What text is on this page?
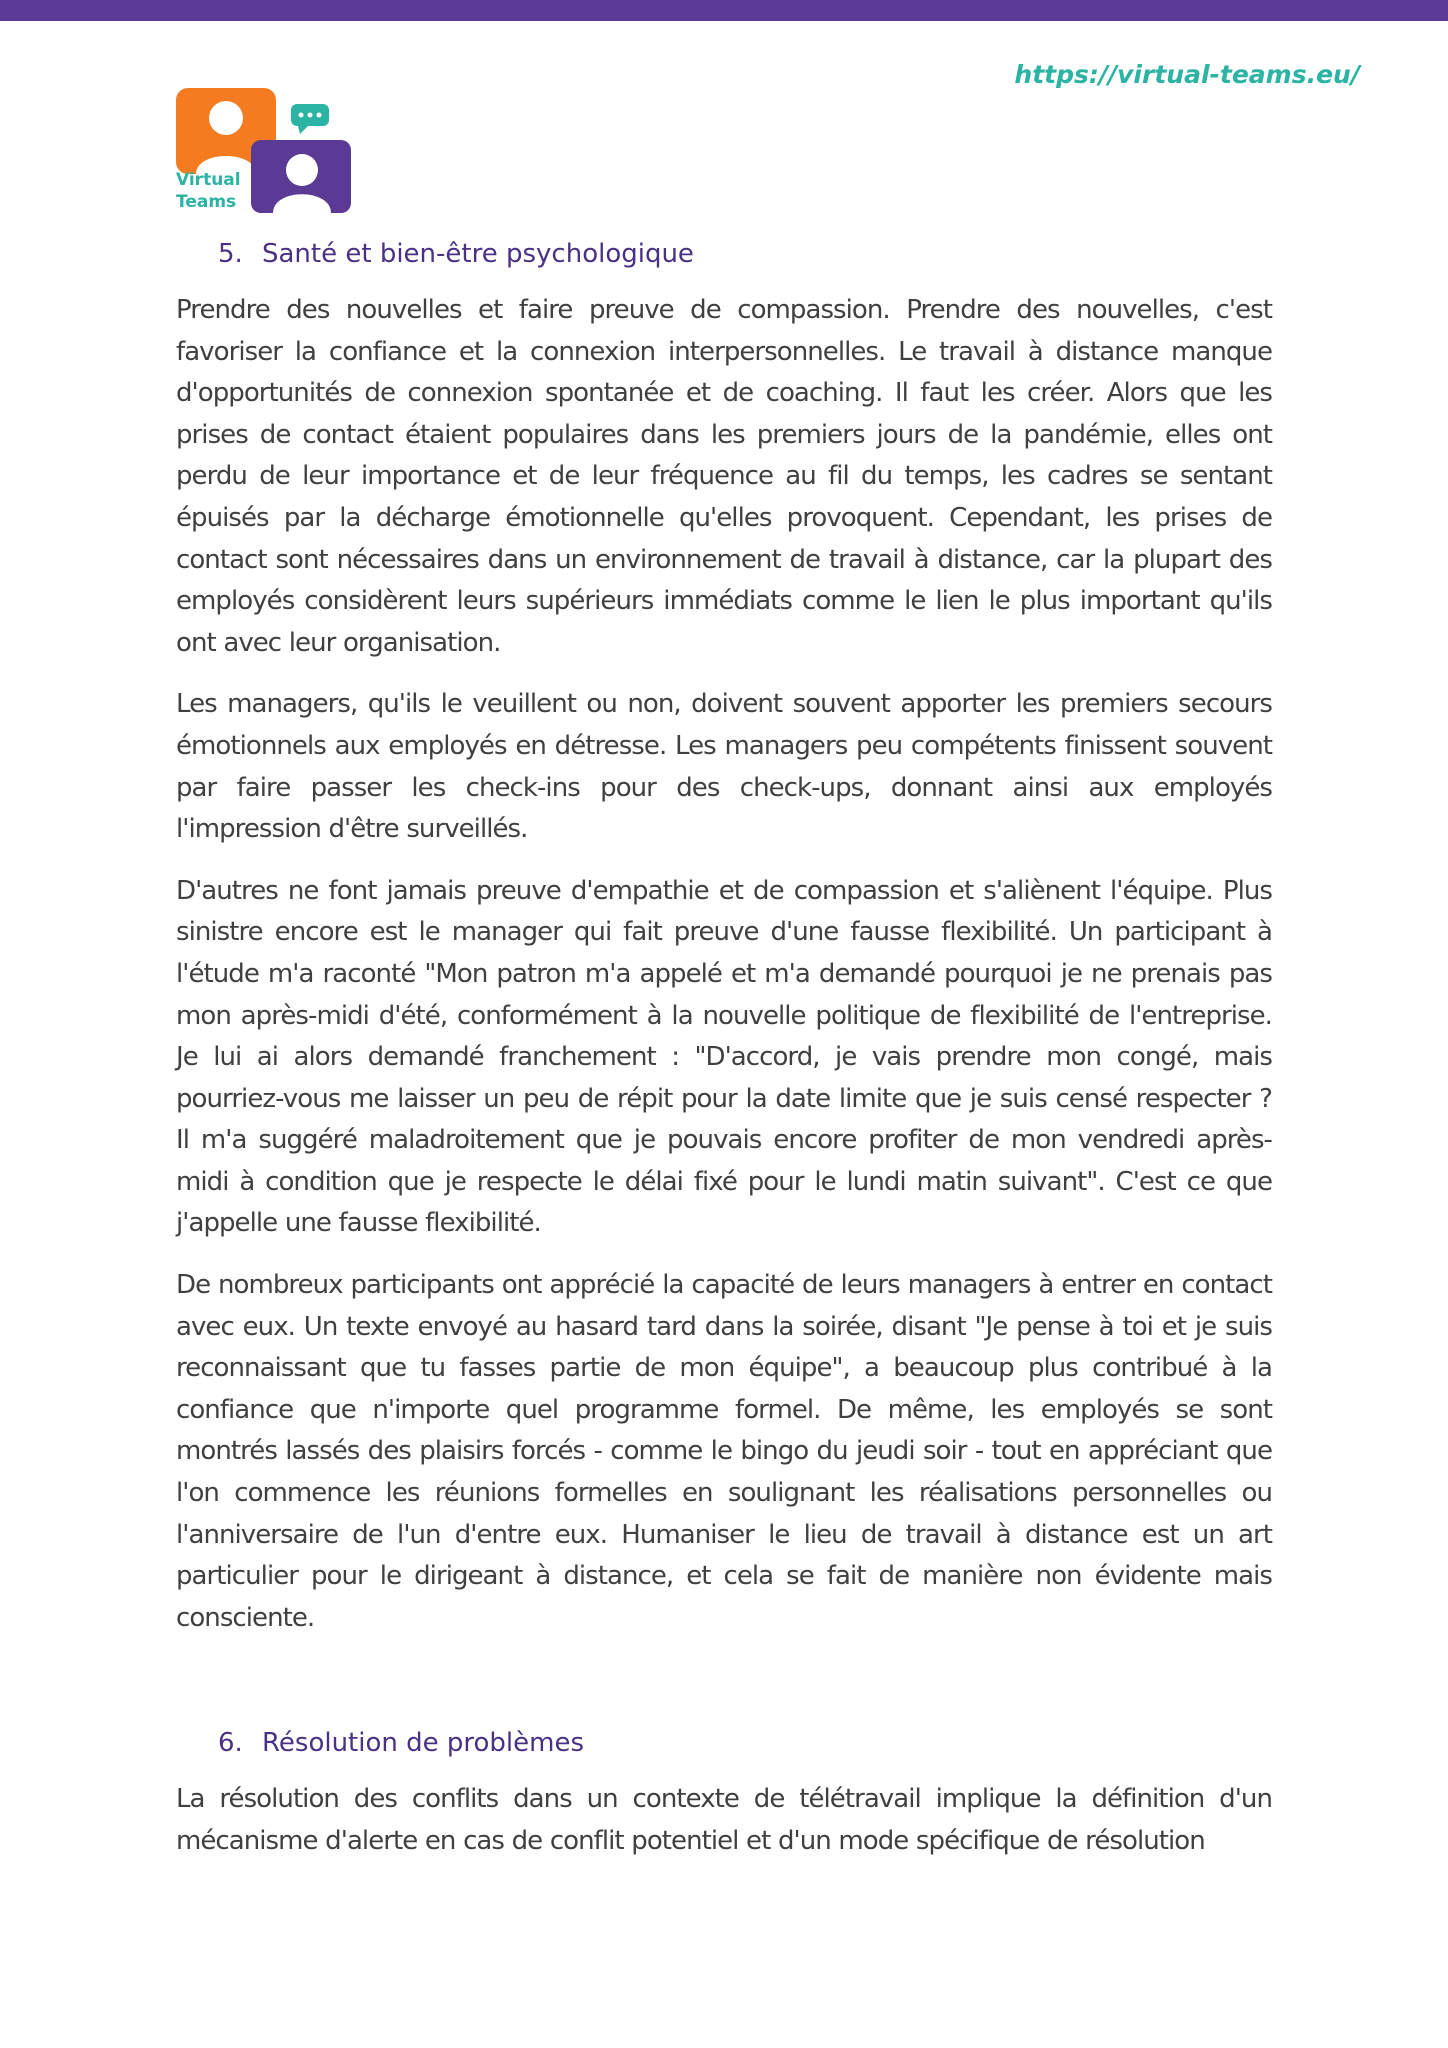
https://virtual-teams.eu/
Virtual
Teams
5. Santé et bien-être psychologique

Prendre des nouvelles et faire preuve de compassion. Prendre des nouvelles, c'est favoriser la confiance et la connexion interpersonnelles. Le travail à distance manque d'opportunités de connexion spontanée et de coaching. Il faut les créer. Alors que les prises de contact étaient populaires dans les premiers jours de la pandémie, elles ont perdu de leur importance et de leur fréquence au fil du temps, les cadres se sentant épuisés par la décharge émotionnelle qu'elles provoquent. Cependant, les prises de contact sont nécessaires dans un environnement de travail à distance, car la plupart des employés considèrent leurs supérieurs immédiats comme le lien le plus important qu'ils ont avec leur organisation.

Les managers, qu'ils le veuillent ou non, doivent souvent apporter les premiers secours émotionnels aux employés en détresse. Les managers peu compétents finissent souvent par faire passer les check-ins pour des check-ups, donnant ainsi aux employés l'impression d'être surveillés.

D'autres ne font jamais preuve d'empathie et de compassion et s'aliènent l'équipe. Plus sinistre encore est le manager qui fait preuve d'une fausse flexibilité. Un participant à l'étude m'a raconté "Mon patron m'a appelé et m'a demandé pourquoi je ne prenais pas mon après-midi d'été, conformément à la nouvelle politique de flexibilité de l'entreprise. Je lui ai alors demandé franchement : "D'accord, je vais prendre mon congé, mais pourriez-vous me laisser un peu de répit pour la date limite que je suis censé respecter ? Il m'a suggéré maladroitement que je pouvais encore profiter de mon vendredi après-midi à condition que je respecte le délai fixé pour le lundi matin suivant". C'est ce que j'appelle une fausse flexibilité.

De nombreux participants ont apprécié la capacité de leurs managers à entrer en contact avec eux. Un texte envoyé au hasard tard dans la soirée, disant "Je pense à toi et je suis reconnaissant que tu fasses partie de mon équipe", a beaucoup plus contribué à la confiance que n'importe quel programme formel. De même, les employés se sont montrés lassés des plaisirs forcés - comme le bingo du jeudi soir - tout en appréciant que l'on commence les réunions formelles en soulignant les réalisations personnelles ou l'anniversaire de l'un d'entre eux. Humaniser le lieu de travail à distance est un art particulier pour le dirigeant à distance, et cela se fait de manière non évidente mais consciente.

6. Résolution de problèmes

La résolution des conflits dans un contexte de télétravail implique la définition d'un mécanisme d'alerte en cas de conflit potentiel et d'un mode spécifique de résolution
